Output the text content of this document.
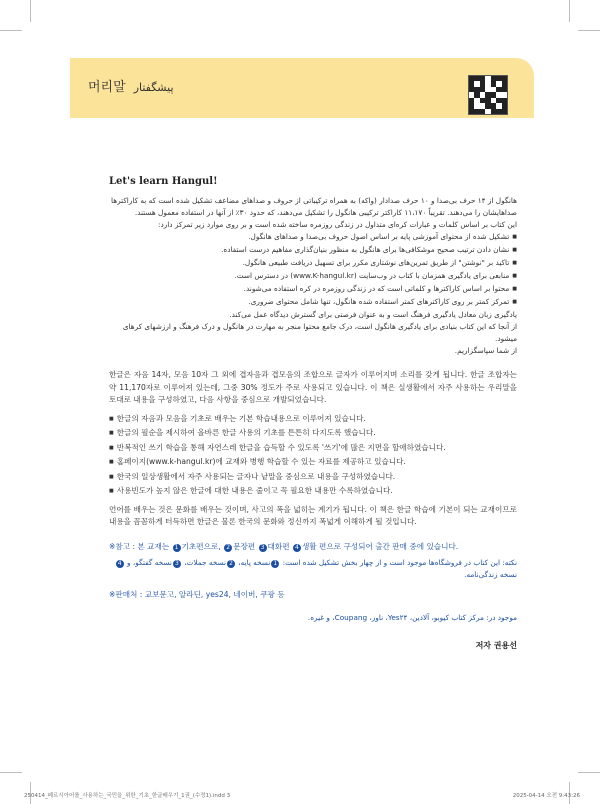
머리말 پیشگفتار
Let's learn Hangul!

هانگول از ۱۴ حرف بی‌صدا و ۱۰ حرف صدادار (واکه) به همراه ترکیباتی از حروف و صداهای مضاعف تشکیل شده است که به کاراکترها

صداهایشان را می‌دهند. تقریباً ۱۱،۱۷۰ کاراکتر ترکیبی هانگول را تشکیل می‌دهند، که حدود ۳۰٪ از آنها در استفاده معمول هستند.

این کتاب بر اساس کلمات و عبارات کره‌ای متداول در زندگی روزمره ساخته شده است و بر روی موارد زیر تمرکز دارد:

■ تشکیل شده از محتوای آموزشی پایه بر اساس اصول حروف بی‌صدا و صداهای هانگول.
■ نشان دادن ترتیب صحیح موشکافی‌ها برای هانگول به منظور بنیان‌گذاری مفاهیم درست استفاده.
■ تاکید بر "نوشتن" از طریق تمرین‌های نوشتاری مکرر برای تسهیل دریافت طبیعی هانگول.
■ منابعی برای یادگیری همزمان با کتاب در وب‌سایت (www.K-hangul.kr) در دسترس است.
■ محتوا بر اساس کاراکترها و کلماتی است که در زندگی روزمره در کره استفاده می‌شوند.
■ تمرکز کمتر بر روی کاراکترهای کمتر استفاده شده هانگول، تنها شامل محتوای ضروری.

یادگیری زبان معادل یادگیری فرهنگ است و به عنوان فرصتی برای گسترش دیدگاه عمل می‌کند.

از آنجا که این کتاب بنیادی برای یادگیری هانگول است، درک جامع محتوا منجر به مهارت در هانگول و درک فرهنگ و ارزشهای کرهای میشود.

از شما سپاسگزاریم.

한글은 자음 14자, 모음 10자 그 외에 겹자음과 겹모음의 조합으로 글자가 이루어지며 소리를 갖게 됩니다. 한글 조합자는 약 11,170자로 이루어져 있는데, 그중 30% 정도가 주로 사용되고 있습니다. 이 책은 실생활에서 자주 사용하는 우리말을 토대로 내용을 구성하였고, 다음 사항을 중심으로 개발되었습니다.

■ 한글의 자음과 모음을 기초로 배우는 기본 학습내용으로 이루어져 있습니다.
■ 한글의 필순을 제시하여 올바른 한글 사용의 기초를 튼튼히 다지도록 했습니다.
■ 반복적인 쓰기 학습을 통해 자연스레 한글을 습득할 수 있도록 '쓰기'에 많은 지면을 할애하였습니다.
■ 홈페이지(www.k-hangul.kr)에 교재와 병행 학습할 수 있는 자료를 제공하고 있습니다.
■ 한국의 일상생활에서 자주 사용되는 글자나 낱말을 중심으로 내용을 구성하였습니다.
■ 사용빈도가 높지 않은 한글에 대한 내용은 줄이고 꼭 필요한 내용만 수록하였습니다.

언어를 배우는 것은 문화를 배우는 것이며, 사고의 폭을 넓히는 계기가 됩니다. 이 책은 한글 학습에 기본이 되는 교재이므로 내용을 꼼꼼하게 터득하면 한글은 물론 한국의 문화와 정신까지 폭넓게 이해하게 될 것입니다.

※참고 : 본 교재는 1 기초편으로, 2 문장편 3 대화편 4 생활 편으로 구성되어 출간 판매 중에 있습니다.
نکته: این کتاب در فروشگاه‌ها موجود است و از چهار بخش تشکیل شده است: 1نسخه پایه، 2نسخه جملات، 3نسخه گفتگو، و 4نسخه زندگی‌نامه.
※판매처 : 교보문고, 알라딘, yes24, 네이버, 쿠팡 등
موجود در: مرکز کتاب کیوبو، آلادین، Yes۲۴، ناور، Coupang، و غیره.
저자 권용선
250414_페르시아어를_사용하는_국민을_위한_기초_한글배우기_1권_(수정1).indd 3	2025-04-14 오전 9:43:26
